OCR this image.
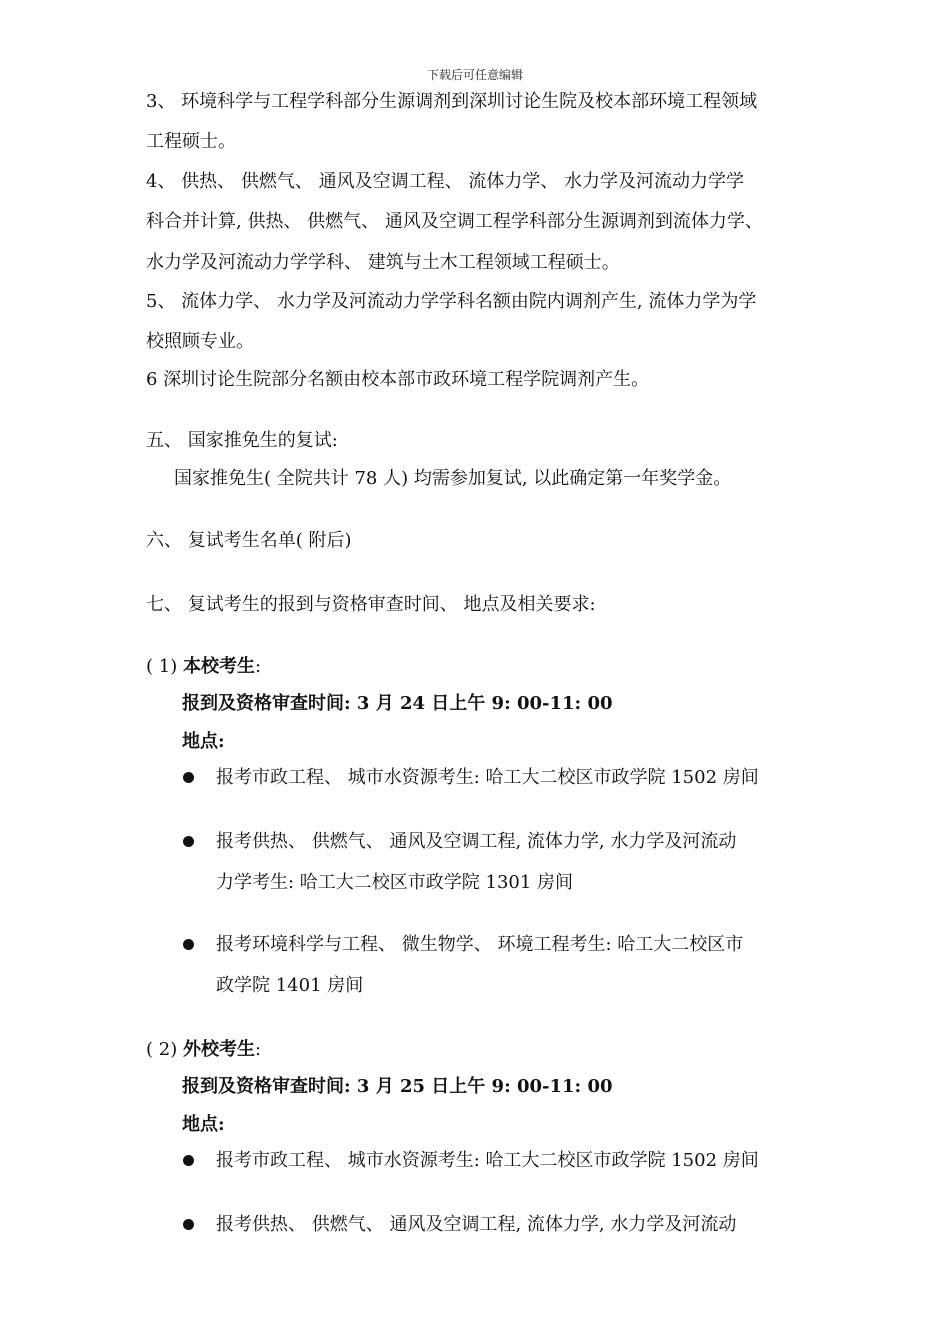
下载后可任意编辑
3、 环境科学与工程学科部分生源调剂到深圳讨论生院及校本部环境工程领域
工程硕士。
4、 供热、 供燃气、 通风及空调工程、 流体力学、 水力学及河流动力学学
科合并计算, 供热、 供燃气、 通风及空调工程学科部分生源调剂到流体力学、
水力学及河流动力学学科、 建筑与土木工程领域工程硕士。
5、 流体力学、 水力学及河流动力学学科名额由院内调剂产生, 流体力学为学
校照顾专业。
6 深圳讨论生院部分名额由校本部市政环境工程学院调剂产生。
五、 国家推免生的复试:
国家推免生( 全院共计 78 人) 均需参加复试, 以此确定第一年奖学金。
六、 复试考生名单( 附后)
七、 复试考生的报到与资格审查时间、 地点及相关要求:
( 1) 本校考生:
报到及资格审查时间: 3 月 24 日上午 9: 00-11: 00
地点:
报考市政工程、 城市水资源考生: 哈工大二校区市政学院 1502 房间
报考供热、 供燃气、 通风及空调工程, 流体力学, 水力学及河流动
力学考生: 哈工大二校区市政学院 1301 房间
报考环境科学与工程、 微生物学、 环境工程考生: 哈工大二校区市
政学院 1401 房间
( 2) 外校考生:
报到及资格审查时间: 3 月 25 日上午 9: 00-11: 00
地点:
报考市政工程、 城市水资源考生: 哈工大二校区市政学院 1502 房间
报考供热、 供燃气、 通风及空调工程, 流体力学, 水力学及河流动
